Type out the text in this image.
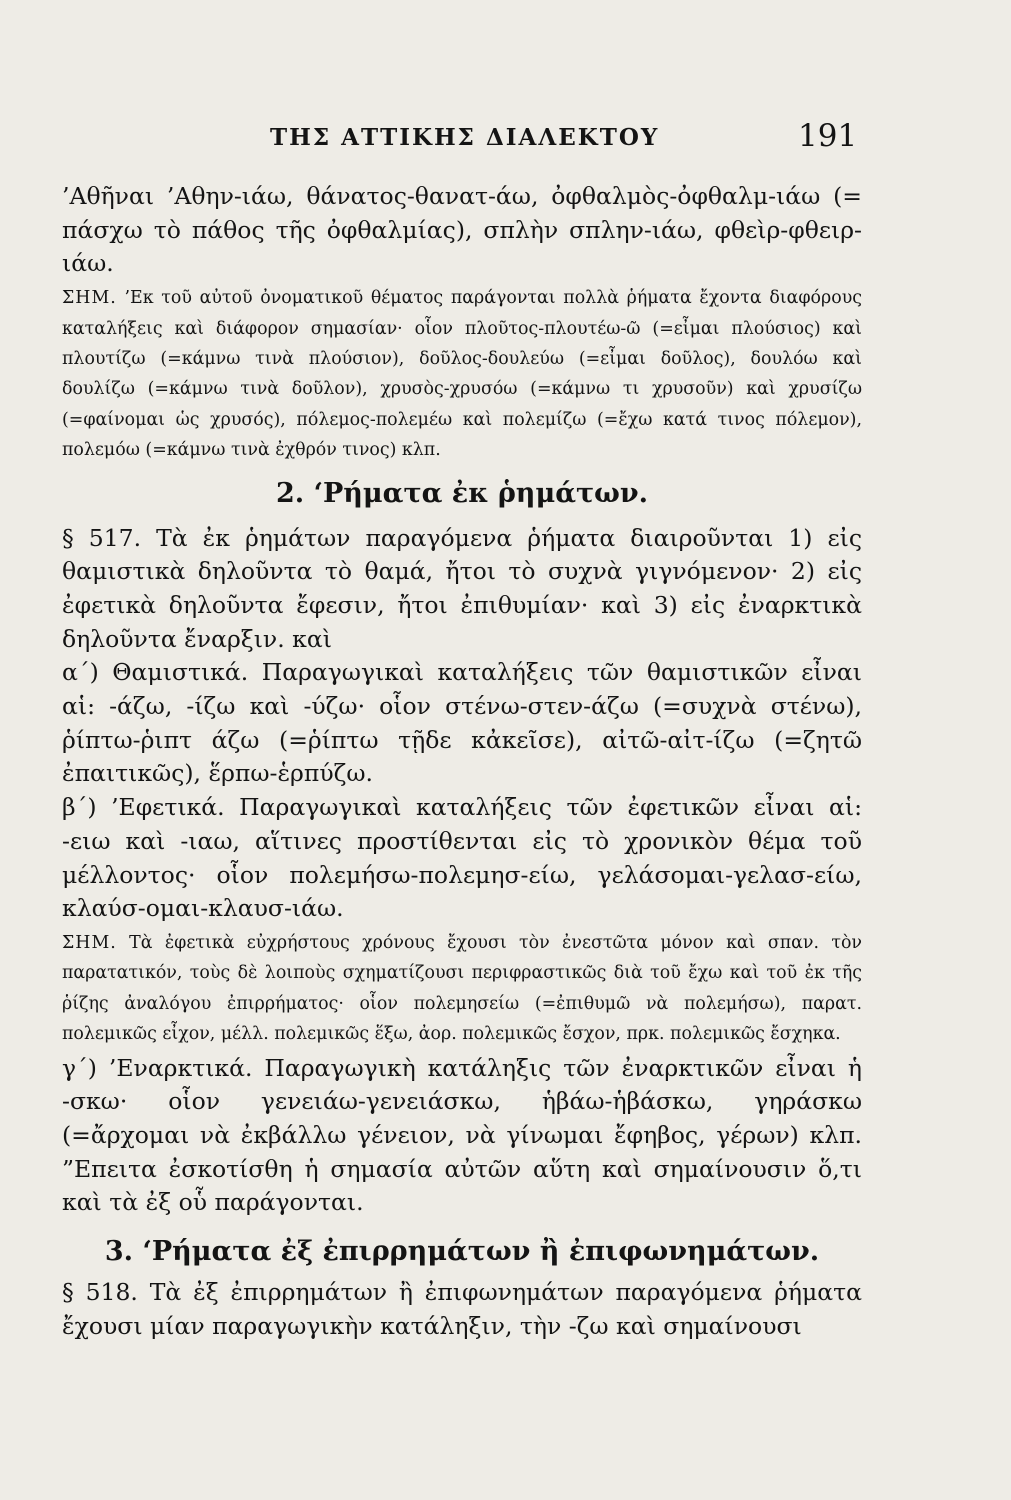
ΤΗΣ ΑΤΤΙΚΗΣ ΔΙΑΛΕΚΤΟΥ	191

’Αθῆναι ’Αθην-ιάω, θάνατος-θανατ-άω, ὀφθαλμὸς-ὀφθαλμ-ιάω (= πάσχω τὸ πάθος τῆς ὀφθαλμίας), σπλὴν σπλην-ιάω, φθεὶρ-φθειρ-ιάω.

ΣΗΜ. ’Εκ τοῦ αὐτοῦ ὀνοματικοῦ θέματος παράγονται πολλὰ ῥήματα ἔχοντα διαφόρους καταλήξεις καὶ διάφορον σημασίαν· οἷον πλοῦτος-πλουτέω-ῶ (=εἶμαι πλούσιος) καὶ πλουτίζω (=κάμνω τινὰ πλούσιον), δοῦλος-δουλεύω (=εἶμαι δοῦλος), δουλόω καὶ δουλίζω (=κάμνω τινὰ δοῦλον), χρυσὸς-χρυσόω (=κάμνω τι χρυσοῦν) καὶ χρυσίζω (=φαίνομαι ὡς χρυσός), πόλεμος-πολεμέω καὶ πολεμίζω (=ἔχω κατά τινος πόλεμον), πολεμόω (=κάμνω τινὰ ἐχθρόν τινος) κλπ.

2. ‘Ρήματα ἐκ ῥημάτων.

§ 517. Τὰ ἐκ ῥημάτων παραγόμενα ῥήματα διαιροῦνται 1) εἰς θαμιστικὰ δηλοῦντα τὸ θαμά, ἤτοι τὸ συχνὰ γιγνόμενον· 2) εἰς ἐφετικὰ δηλοῦντα ἔφεσιν, ἤτοι ἐπιθυμίαν· καὶ 3) εἰς ἐναρκτικὰ δηλοῦντα ἔναρξιν. καὶ

α΄) Θαμιστικά. Παραγωγικαὶ καταλήξεις τῶν θαμιστικῶν εἶναι αἱ: -άζω, -ίζω καὶ -ύζω· οἷον στένω-στεν-άζω (=συχνὰ στένω), ῥίπτω-ῥιπτ άζω (=ῥίπτω τῇδε κἀκεῖσε), αἰτῶ-αἰτ-ίζω (=ζητῶ ἐπαιτικῶς), ἕρπω-ἑρπύζω.

β΄) ’Εφετικά. Παραγωγικαὶ καταλήξεις τῶν ἐφετικῶν εἶναι αἱ: -ειω καὶ -ιαω, αἵτινες προστίθενται εἰς τὸ χρονικὸν θέμα τοῦ μέλλοντος· οἷον πολεμήσω-πολεμησ-είω, γελάσομαι-γελασ-είω, κλαύσ-ομαι-κλαυσ-ιάω.

ΣΗΜ. Τὰ ἐφετικὰ εὐχρήστους χρόνους ἔχουσι τὸν ἐνεστῶτα μόνον καὶ σπαν. τὸν παρατατικόν, τοὺς δὲ λοιποὺς σχηματίζουσι περιφραστικῶς διὰ τοῦ ἔχω καὶ τοῦ ἐκ τῆς ῥίζης ἀναλόγου ἐπιρρήματος· οἷον πολεμησείω (=ἐπιθυμῶ νὰ πολεμήσω), παρατ. πολεμικῶς εἶχον, μέλλ. πολεμικῶς ἕξω, ἀορ. πολεμικῶς ἔσχον, πρκ. πολεμικῶς ἔσχηκα.

γ΄) ’Εναρκτικά. Παραγωγικὴ κατάληξις τῶν ἐναρκτικῶν εἶναι ἡ -σκω· οἷον γενειάω-γενειάσκω, ἡβάω-ἡβάσκω, γηράσκω (=ἄρχομαι νὰ ἐκβάλλω γένειον, νὰ γίνωμαι ἔφηβος, γέρων) κλπ. ”Επειτα ἐσκοτίσθη ἡ σημασία αὐτῶν αὕτη καὶ σημαίνουσιν ὅ,τι καὶ τὰ ἐξ οὗ παράγονται.

3. ‘Ρήματα ἐξ ἐπιρρημάτων ἢ ἐπιφωνημάτων.

§ 518. Τὰ ἐξ ἐπιρρημάτων ἢ ἐπιφωνημάτων παραγόμενα ῥήματα ἔχουσι μίαν παραγωγικὴν κατάληξιν, τὴν -ζω καὶ σημαίνουσι
